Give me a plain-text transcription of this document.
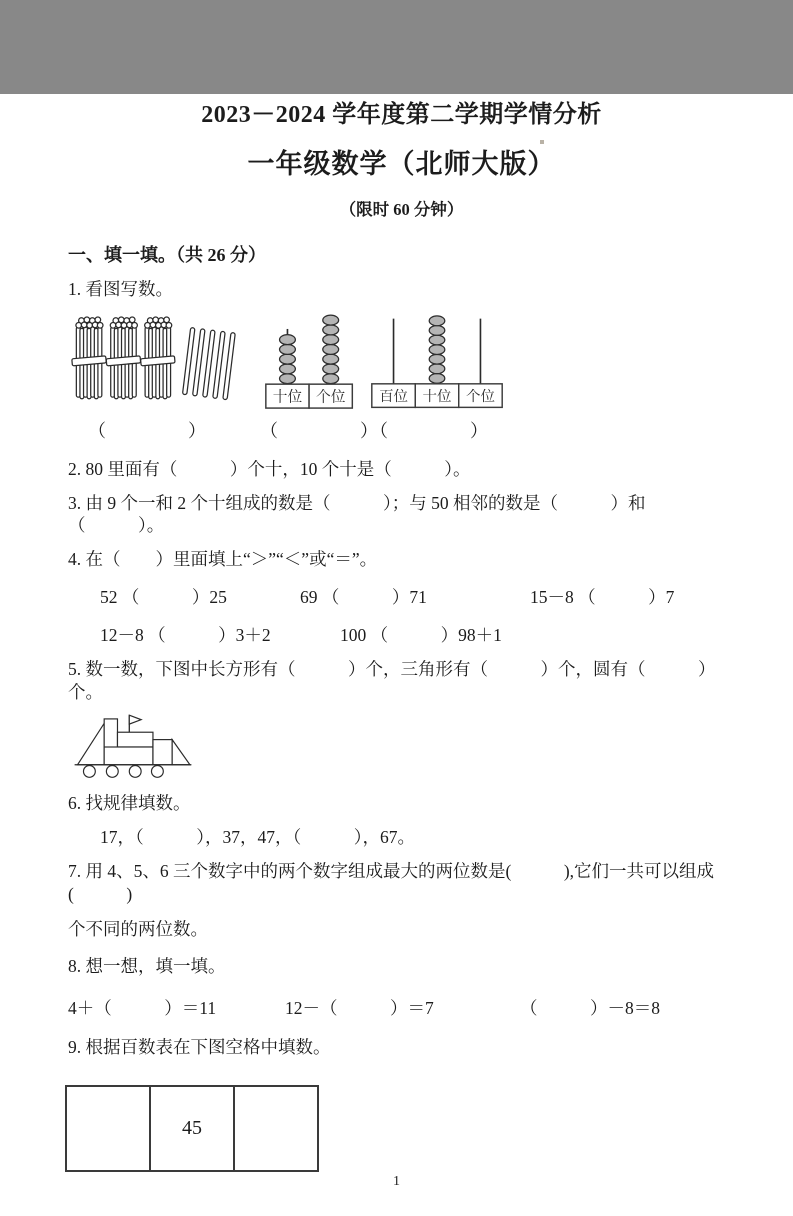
2023－2024 学年度第二学期学情分析
一年级数学（北师大版）
（限时 60 分钟）
一、填一填。（共 26 分）
1. 看图写数。
十位 个位 百位 十位 个位
（　　　　）	（　　　　）
（　　　　）
2. 80 里面有（　　　）个十，10 个十是（　　　）。
3. 由 9 个一和 2 个十组成的数是（　　　）；与 50 相邻的数是（　　　）和（　　　）。
4. 在（　　）里面填上“＞”“＜”或“＝”。
52 （　　　）25	69 （　　　）71	15－8 （　　　）7
12－8 （　　　）3＋2	100 （　　　）98＋1
5. 数一数，下图中长方形有（　　　）个，三角形有（　　　）个，圆有（　　　）个。
6. 找规律填数。
17，（　　　），37，47，（　　　），67。
7. 用 4、5、6 三个数字中的两个数字组成最大的两位数是(　　　),它们一共可以组成(　　　)
个不同的两位数。
8. 想一想，填一填。
4＋（　　　）＝11	12－（　　　）＝7	（　　　）－8＝8
9. 根据百数表在下图空格中填数。
45
1
